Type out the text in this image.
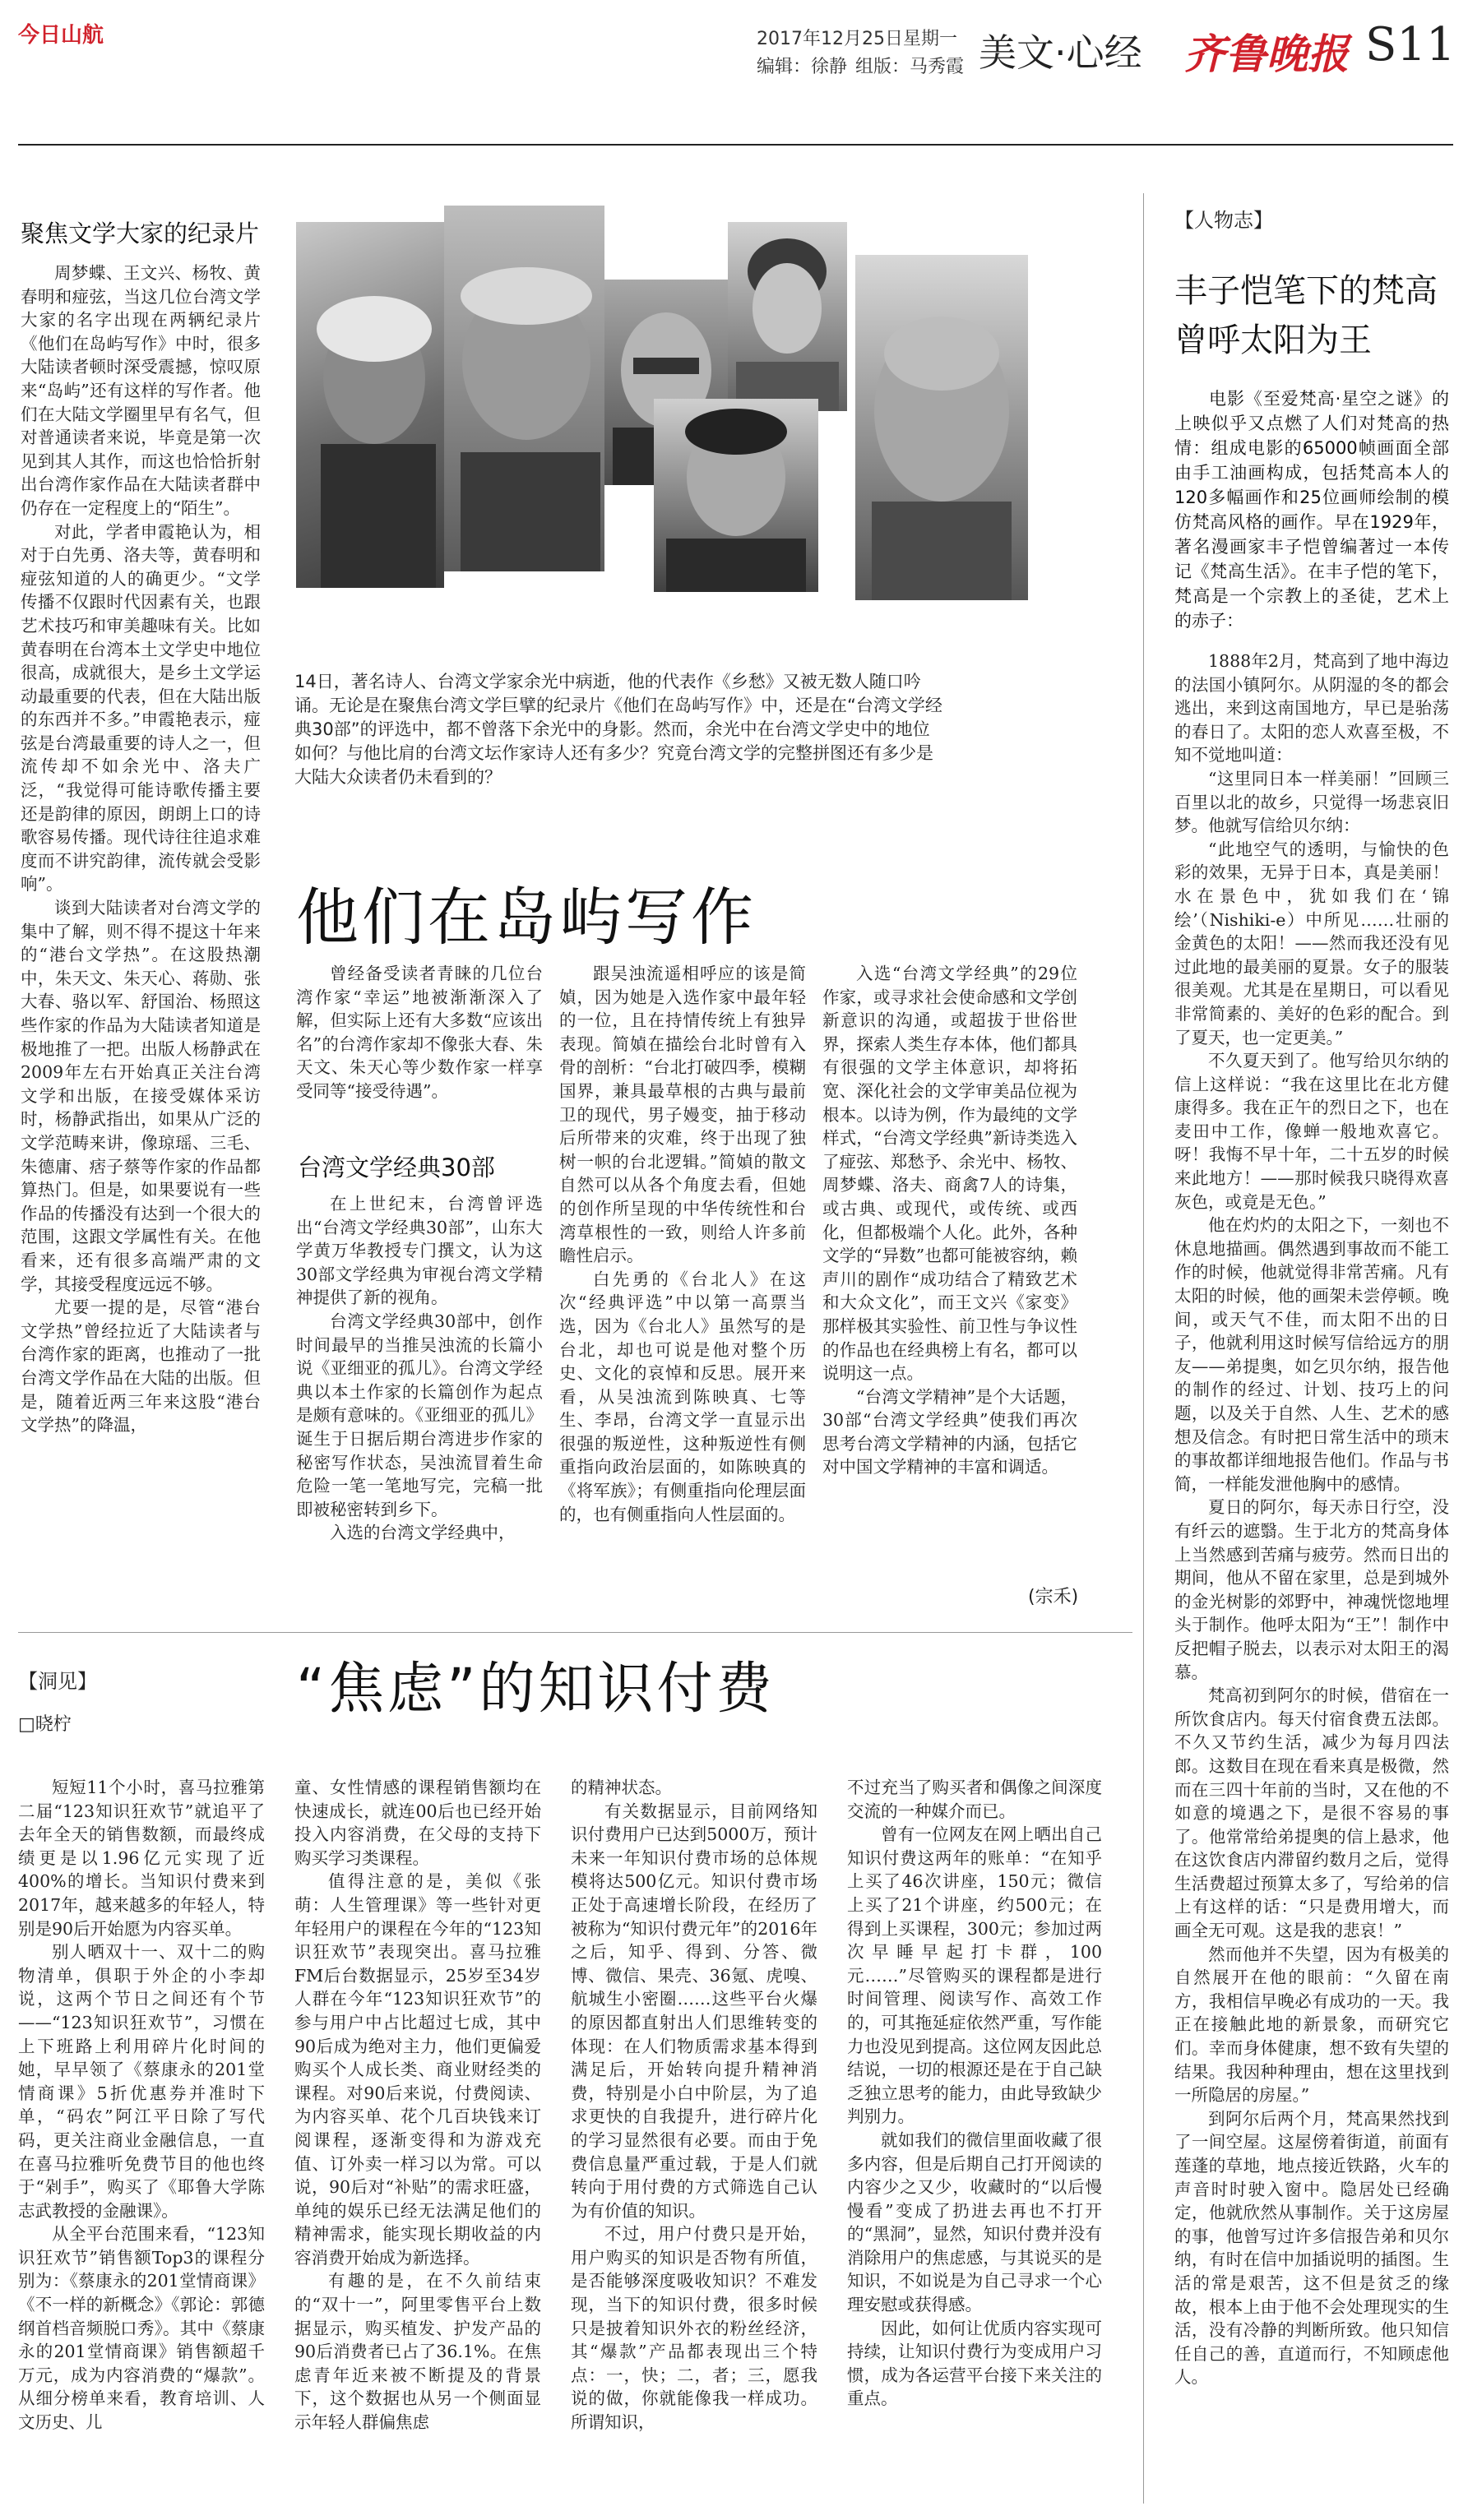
今日山航	2017年12月25日 星期一
编辑：徐静 组版：马秀霞 美文·心经 齐鲁晚报 S11
聚焦文学大家的纪录片

周梦蝶、王文兴、杨牧、黄春明和痖弦，当这几位台湾文学大家的名字出现在两辆纪录片《他们在岛屿写作》中时，很多大陆读者顿时深受震撼，惊叹原来“岛屿”还有这样的写作者。他们在大陆文学圈里早有名气，但对普通读者来说，毕竟是第一次见到其人其作，而这也恰恰折射出台湾作家作品在大陆读者群中仍存在一定程度上的“陌生”。

对此，学者申霞艳认为，相对于白先勇、洛夫等，黄春明和痖弦知道的人的确更少。“文学传播不仅跟时代因素有关，也跟艺术技巧和审美趣味有关。比如黄春明在台湾本土文学史中地位很高，成就很大，是乡土文学运动最重要的代表，但在大陆出版的东西并不多。”申霞艳表示，痖弦是台湾最重要的诗人之一，但流传却不如余光中、洛夫广泛，“我觉得可能诗歌传播主要还是韵律的原因，朗朗上口的诗歌容易传播。现代诗往往追求难度而不讲究韵律，流传就会受影响”。

谈到大陆读者对台湾文学的集中了解，则不得不提这十年来的“港台文学热”。在这股热潮中，朱天文、朱天心、蒋勋、张大春、骆以军、舒国治、杨照这些作家的作品为大陆读者知道是极地推了一把。出版人杨静武在2009年左右开始真正关注台湾文学和出版，在接受媒体采访时，杨静武指出，如果从广泛的文学范畴来讲，像琼瑶、三毛、朱德庸、痞子蔡等作家的作品都算热门。但是，如果要说有一些作品的传播没有达到一个很大的范围，这跟文学属性有关。在他看来，还有很多高端严肃的文学，其接受程度远远不够。

尤要一提的是，尽管“港台文学热”曾经拉近了大陆读者与台湾作家的距离，也推动了一批台湾文学作品在大陆的出版。但是，随着近两三年来这股“港台文学热”的降温，

14日，著名诗人、台湾文学家余光中病逝，他的代表作《乡愁》又被无数人随口吟诵。无论是在聚焦台湾文学巨擘的纪录片《他们在岛屿写作》中，还是在“台湾文学经典30部”的评选中，都不曾落下余光中的身影。然而，余光中在台湾文学史中的地位如何？与他比肩的台湾文坛作家诗人还有多少？究竟台湾文学的完整拼图还有多少是大陆大众读者仍未看到的？
他们在岛屿写作

曾经备受读者青睐的几位台湾作家“幸运”地被渐渐深入了解，但实际上还有大多数“应该出名”的台湾作家却不像张大春、朱天文、朱天心等少数作家一样享受同等“接受待遇”。

台湾文学经典30部

在上世纪末，台湾曾评选出“台湾文学经典30部”，山东大学黄万华教授专门撰文，认为这30部文学经典为审视台湾文学精神提供了新的视角。

台湾文学经典30部中，创作时间最早的当推吴浊流的长篇小说《亚细亚的孤儿》。台湾文学经典以本土作家的长篇创作为起点是颇有意味的。《亚细亚的孤儿》诞生于日据后期台湾进步作家的秘密写作状态，吴浊流冒着生命危险一笔一笔地写完，完稿一批即被秘密转到乡下。

入选的台湾文学经典中，

跟吴浊流遥相呼应的该是简媜，因为她是入选作家中最年轻的一位，且在持情传统上有独异表现。简媜在描绘台北时曾有入骨的剖析：“台北打破四季，模糊国界，兼具最草根的古典与最前卫的现代，男子嫚变，抽于移动后所带来的灾难，终于出现了独树一帜的台北逻辑。”简媜的散文自然可以从各个角度去看，但她的创作所呈现的中华传统性和台湾草根性的一致，则给人许多前瞻性启示。

白先勇的《台北人》在这次“经典评选”中以第一高票当选，因为《台北人》虽然写的是台北，却也可说是他对整个历史、文化的哀悼和反思。展开来看，从吴浊流到陈映真、七等生、李昂，台湾文学一直显示出很强的叛逆性，这种叛逆性有侧重指向政治层面的，如陈映真的《将军族》；有侧重指向伦理层面的，也有侧重指向人性层面的。

入选“台湾文学经典”的29位作家，或寻求社会使命感和文学创新意识的沟通，或超拔于世俗世界，探索人类生存本体，他们都具有很强的文学主体意识，却将拓宽、深化社会的文学审美品位视为根本。以诗为例，作为最纯的文学样式，“台湾文学经典”新诗类选入了痖弦、郑愁予、余光中、杨牧、周梦蝶、洛夫、商禽7人的诗集，或古典、或现代，或传统、或西化，但都极端个人化。此外，各种文学的“异数”也都可能被容纳，赖声川的剧作“成功结合了精致艺术和大众文化”，而王文兴《家变》那样极其实验性、前卫性与争议性的作品也在经典榜上有名，都可以说明这一点。

“台湾文学精神”是个大话题，30部“台湾文学经典”使我们再次思考台湾文学精神的内涵，包括它对中国文学精神的丰富和调适。

(宗禾)
【人物志】
丰子恺笔下的梵高
曾呼太阳为王

电影《至爱梵高·星空之谜》的上映似乎又点燃了人们对梵高的热情：组成电影的65000帧画面全部由手工油画构成，包括梵高本人的120多幅画作和25位画师绘制的模仿梵高风格的画作。早在1929年，著名漫画家丰子恺曾编著过一本传记《梵高生活》。在丰子恺的笔下，梵高是一个宗教上的圣徒，艺术上的赤子：

1888年2月，梵高到了地中海边的法国小镇阿尔。从阴湿的冬的都会逃出，来到这南国地方，早已是骀荡的春日了。太阳的恋人欢喜至极，不知不觉地叫道：

“这里同日本一样美丽！”回顾三百里以北的故乡，只觉得一场悲哀旧梦。他就写信给贝尔纳：

“此地空气的透明，与愉快的色彩的效果，无异于日本，真是美丽！水在景色中，犹如我们在‘锦绘’（Nishiki-e）中所见……壮丽的金黄色的太阳！——然而我还没有见过此地的最美丽的夏景。女子的服装很美观。尤其是在星期日，可以看见非常简素的、美好的色彩的配合。到了夏天，也一定更美。”

不久夏天到了。他写给贝尔纳的信上这样说：“我在这里比在北方健康得多。我在正午的烈日之下，也在麦田中工作，像蝉一般地欢喜它。呀！我悔不早十年，二十五岁的时候来此地方！——那时候我只晓得欢喜灰色，或竟是无色。”

他在灼灼的太阳之下，一刻也不休息地描画。偶然遇到事故而不能工作的时候，他就觉得非常苦痛。凡有太阳的时候，他的画架未尝停顿。晚间，或天气不佳，而太阳不出的日子，他就利用这时候写信给远方的朋友——弟提奥，如乞贝尔纳，报告他的制作的经过、计划、技巧上的问题，以及关于自然、人生、艺术的感想及信念。有时把日常生活中的琐末的事故都详细地报告他们。作品与书简，一样能发泄他胸中的感情。

夏日的阿尔，每天赤日行空，没有纤云的遮翳。生于北方的梵高身体上当然感到苦痛与疲劳。然而日出的期间，他从不留在家里，总是到城外的金光树影的郊野中，神魂恍惚地埋头于制作。他呼太阳为“王”！制作中反把帽子脱去，以表示对太阳王的渴慕。

梵高初到阿尔的时候，借宿在一所饮食店内。每天付宿食费五法郎。不久又节约生活，减少为每月四法郎。这数目在现在看来真是极微，然而在三四十年前的当时，又在他的不如意的境遇之下，是很不容易的事了。他常常给弟提奥的信上悬求，他在这饮食店内滞留约数月之后，觉得生活费超过预算太多了，写给弟的信上有这样的话：“只是费用增大，而画全无可观。这是我的悲哀！”

然而他并不失望，因为有极美的自然展开在他的眼前：“久留在南方，我相信早晚必有成功的一天。我正在接触此地的新景象，而研究它们。幸而身体健康，想不致有失望的结果。我因种种理由，想在这里找到一所隐居的房屋。”

到阿尔后两个月，梵高果然找到了一间空屋。这屋傍着街道，前面有莲蓬的草地，地点接近铁路，火车的声音时时驶入窗中。隐居处已经确定，他就欣然从事制作。关于这房屋的事，他曾写过许多信报告弟和贝尔纳，有时在信中加插说明的插图。生活的常是艰苦，这不但是贫乏的缘故，根本上由于他不会处理现实的生活，没有冷静的判断所致。他只知信任自己的善，直道而行，不知顾虑他人。

【洞见】
□晓柠
“焦虑”的知识付费

短短11个小时，喜马拉雅第二届“123知识狂欢节”就追平了去年全天的销售数额，而最终成绩更是以1.96亿元实现了近400%的增长。当知识付费来到2017年，越来越多的年轻人，特别是90后开始愿为内容买单。

别人晒双十一、双十二的购物清单，俱职于外企的小李却说，这两个节日之间还有个节——“123知识狂欢节”，习惯在上下班路上利用碎片化时间的她，早早领了《蔡康永的201堂情商课》5折优惠券并准时下单，“码农”阿江平日除了写代码，更关注商业金融信息，一直在喜马拉雅听免费节目的他也终于“剁手”，购买了《耶鲁大学陈志武教授的金融课》。

从全平台范围来看，“123知识狂欢节”销售额Top3的课程分别为：《蔡康永的201堂情商课》《不一样的新概念》《郭论：郭德纲首档音频脱口秀》。其中《蔡康永的201堂情商课》销售额超千万元，成为内容消费的“爆款”。从细分榜单来看，教育培训、人文历史、儿

童、女性情感的课程销售额均在快速成长，就连00后也已经开始投入内容消费，在父母的支持下购买学习类课程。

值得注意的是，美似《张萌：人生管理课》等一些针对更年轻用户的课程在今年的“123知识狂欢节”表现突出。喜马拉雅FM后台数据显示，25岁至34岁人群在今年“123知识狂欢节”的参与用户中占比超过七成，其中90后成为绝对主力，他们更偏爱购买个人成长类、商业财经类的课程。对90后来说，付费阅读、为内容买单、花个几百块钱来订阅课程，逐渐变得和为游戏充值、订外卖一样习以为常。可以说，90后对“补贴”的需求旺盛，单纯的娱乐已经无法满足他们的精神需求，能实现长期收益的内容消费开始成为新选择。

有趣的是，在不久前结束的“双十一”，阿里零售平台上数据显示，购买植发、护发产品的90后消费者已占了36.1%。在焦虑青年近来被不断提及的背景下，这个数据也从另一个侧面显示年轻人群偏焦虑

的精神状态。

有关数据显示，目前网络知识付费用户已达到5000万，预计未来一年知识付费市场的总体规模将达500亿元。知识付费市场正处于高速增长阶段，在经历了被称为“知识付费元年”的2016年之后，知乎、得到、分答、微博、微信、果壳、36氪、虎嗅、航城生小密圈……这些平台火爆的原因都直射出人们思维转变的体现：在人们物质需求基本得到满足后，开始转向提升精神消费，特别是小白中阶层，为了追求更快的自我提升，进行碎片化的学习显然很有必要。而由于免费信息量严重过载，于是人们就转向于用付费的方式筛选自己认为有价值的知识。

不过，用户付费只是开始，用户购买的知识是否物有所值，是否能够深度吸收知识？不难发现，当下的知识付费，很多时候只是披着知识外衣的粉丝经济，其“爆款”产品都表现出三个特点：一，快；二，者；三，愿我说的做，你就能像我一样成功。所谓知识，

不过充当了购买者和偶像之间深度交流的一种媒介而已。

曾有一位网友在网上晒出自己知识付费这两年的账单：“在知乎上买了46次讲座，150元；微信上买了21个讲座，约500元；在得到上买课程，300元；参加过两次早睡早起打卡群，100元……”尽管购买的课程都是进行时间管理、阅读写作、高效工作的，可其拖延症依然严重，写作能力也没见到提高。这位网友因此总结说，一切的根源还是在于自己缺乏独立思考的能力，由此导致缺少判别力。

就如我们的微信里面收藏了很多内容，但是后期自己打开阅读的内容少之又少，收藏时的“以后慢慢看”变成了扔进去再也不打开的“黑洞”，显然，知识付费并没有消除用户的焦虑感，与其说买的是知识，不如说是为自己寻求一个心理安慰或获得感。

因此，如何让优质内容实现可持续，让知识付费行为变成用户习惯，成为各运营平台接下来关注的重点。
